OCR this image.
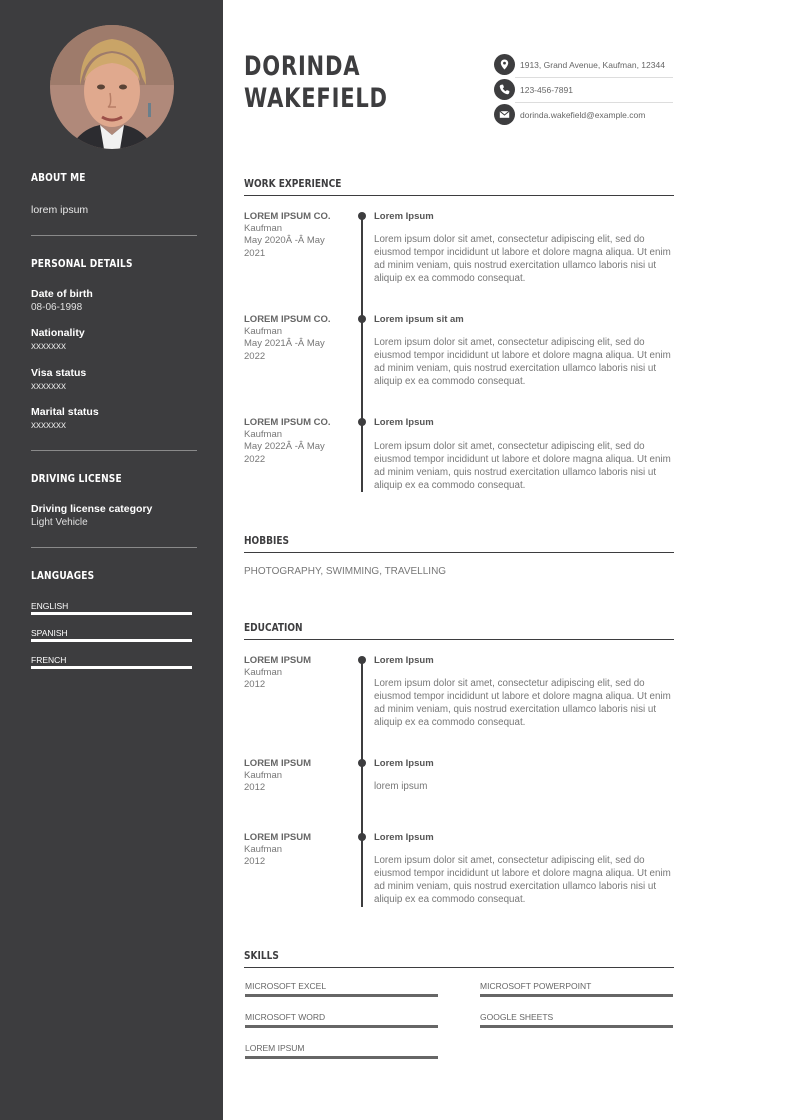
ABOUT ME
lorem ipsum
PERSONAL DETAILS
Date of birth
08-06-1998
Nationality
xxxxxxx
Visa status
xxxxxxx
Marital status
xxxxxxx
DRIVING LICENSE
Driving license category
Light Vehicle
LANGUAGES
ENGLISH
SPANISH
FRENCH
DORINDA
WAKEFIELD
1913, Grand Avenue, Kaufman, 12344
123-456-7891
dorinda.wakefield@example.com
WORK EXPERIENCE
LOREM IPSUM CO.
Kaufman
May 2020Â -Â May 2021
Lorem Ipsum
Lorem ipsum dolor sit amet, consectetur adipiscing elit, sed do eiusmod tempor incididunt ut labore et dolore magna aliqua. Ut enim ad minim veniam, quis nostrud exercitation ullamco laboris nisi ut aliquip ex ea commodo consequat.
LOREM IPSUM CO.
Kaufman
May 2021Â -Â May 2022
Lorem ipsum sit am
Lorem ipsum dolor sit amet, consectetur adipiscing elit, sed do eiusmod tempor incididunt ut labore et dolore magna aliqua. Ut enim ad minim veniam, quis nostrud exercitation ullamco laboris nisi ut aliquip ex ea commodo consequat.
LOREM IPSUM CO.
Kaufman
May 2022Â -Â May 2022
Lorem Ipsum
Lorem ipsum dolor sit amet, consectetur adipiscing elit, sed do eiusmod tempor incididunt ut labore et dolore magna aliqua. Ut enim ad minim veniam, quis nostrud exercitation ullamco laboris nisi ut aliquip ex ea commodo consequat.
HOBBIES
PHOTOGRAPHY, SWIMMING, TRAVELLING
EDUCATION
LOREM IPSUM
Kaufman
2012
Lorem Ipsum
Lorem ipsum dolor sit amet, consectetur adipiscing elit, sed do eiusmod tempor incididunt ut labore et dolore magna aliqua. Ut enim ad minim veniam, quis nostrud exercitation ullamco laboris nisi ut aliquip ex ea commodo consequat.
LOREM IPSUM
Kaufman
2012
Lorem Ipsum
lorem ipsum
LOREM IPSUM
Kaufman
2012
Lorem Ipsum
Lorem ipsum dolor sit amet, consectetur adipiscing elit, sed do eiusmod tempor incididunt ut labore et dolore magna aliqua. Ut enim ad minim veniam, quis nostrud exercitation ullamco laboris nisi ut aliquip ex ea commodo consequat.
SKILLS
MICROSOFT EXCEL	MICROSOFT POWERPOINT
MICROSOFT WORD	GOOGLE SHEETS
LOREM IPSUM
